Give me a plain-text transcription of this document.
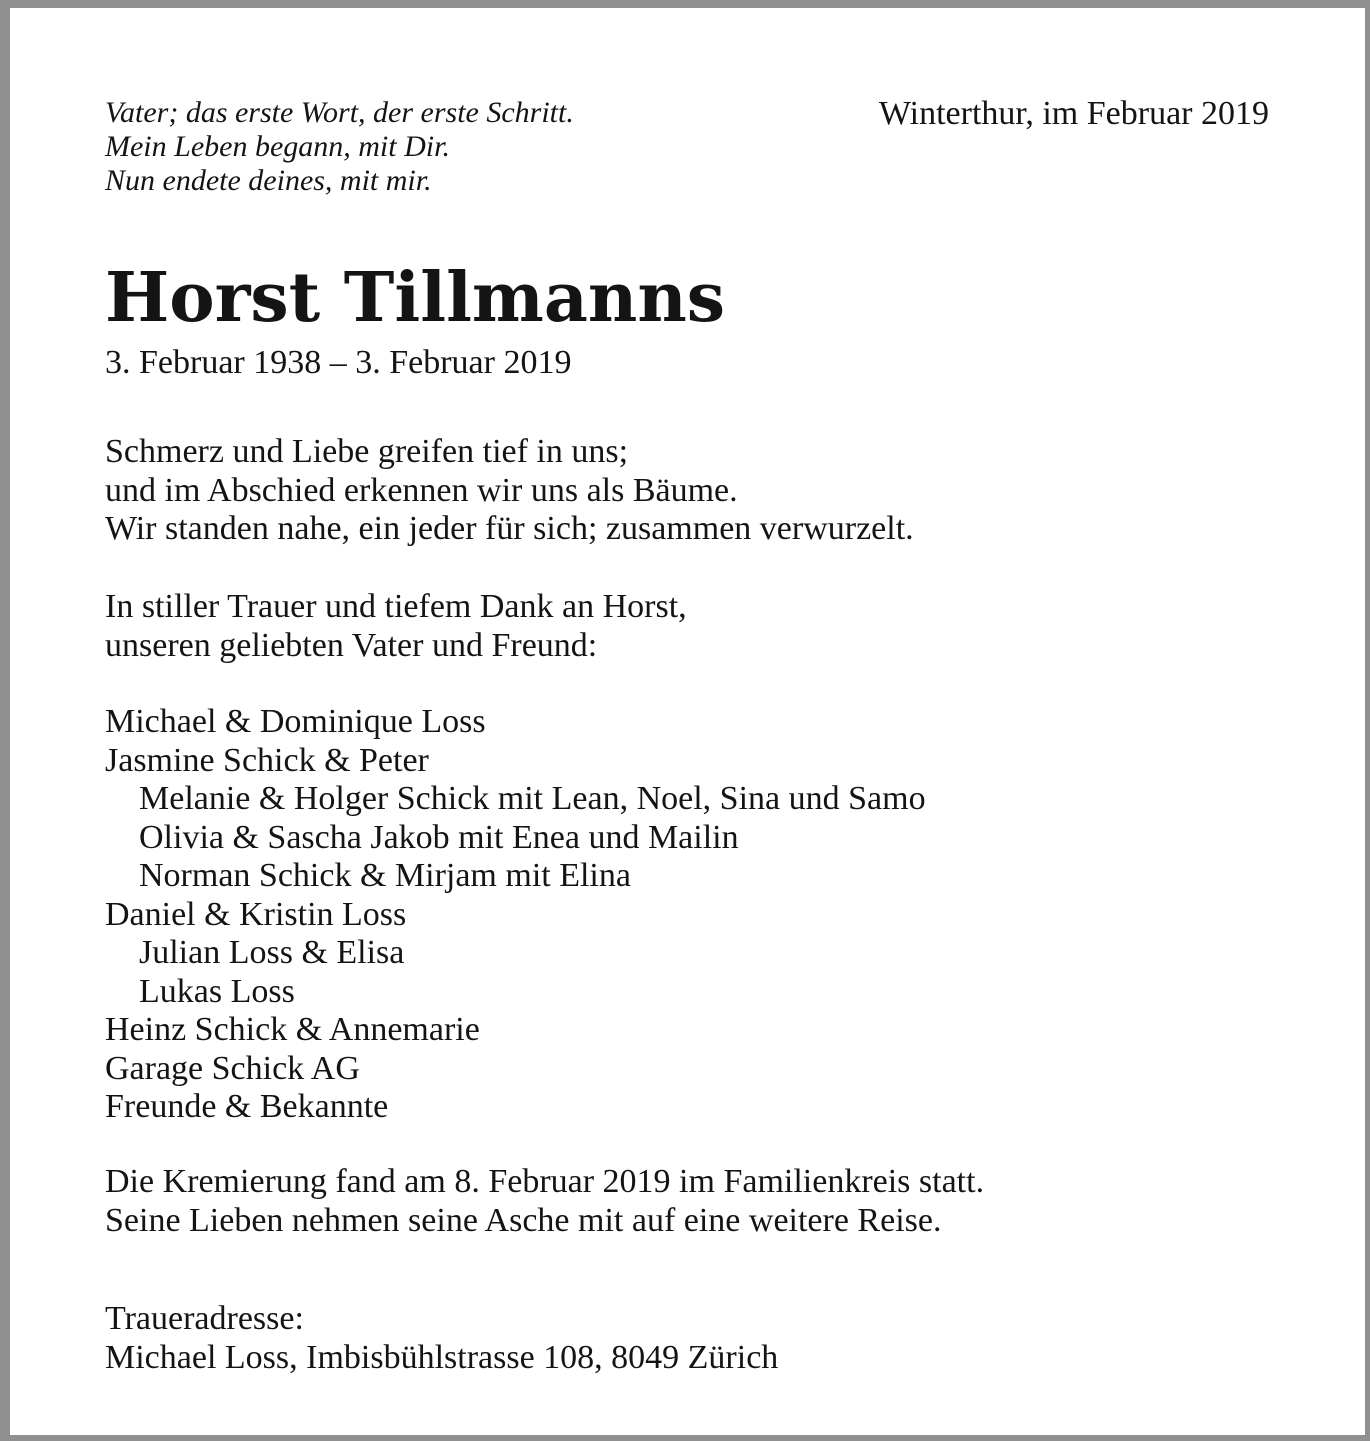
Vater; das erste Wort, der erste Schritt.
Mein Leben begann, mit Dir.
Nun endete deines, mit mir.
Winterthur, im Februar 2019
Horst Tillmanns
3. Februar 1938 – 3. Februar 2019
Schmerz und Liebe greifen tief in uns;
und im Abschied erkennen wir uns als Bäume.
Wir standen nahe, ein jeder für sich; zusammen verwurzelt.
In stiller Trauer und tiefem Dank an Horst,
unseren geliebten Vater und Freund:
Michael & Dominique Loss
Jasmine Schick & Peter
Melanie & Holger Schick mit Lean, Noel, Sina und Samo
Olivia & Sascha Jakob mit Enea und Mailin
Norman Schick & Mirjam mit Elina
Daniel & Kristin Loss
Julian Loss & Elisa
Lukas Loss
Heinz Schick & Annemarie
Garage Schick AG
Freunde & Bekannte
Die Kremierung fand am 8. Februar 2019 im Familienkreis statt.
Seine Lieben nehmen seine Asche mit auf eine weitere Reise.
Traueradresse:
Michael Loss, Imbisbühlstrasse 108, 8049 Zürich
